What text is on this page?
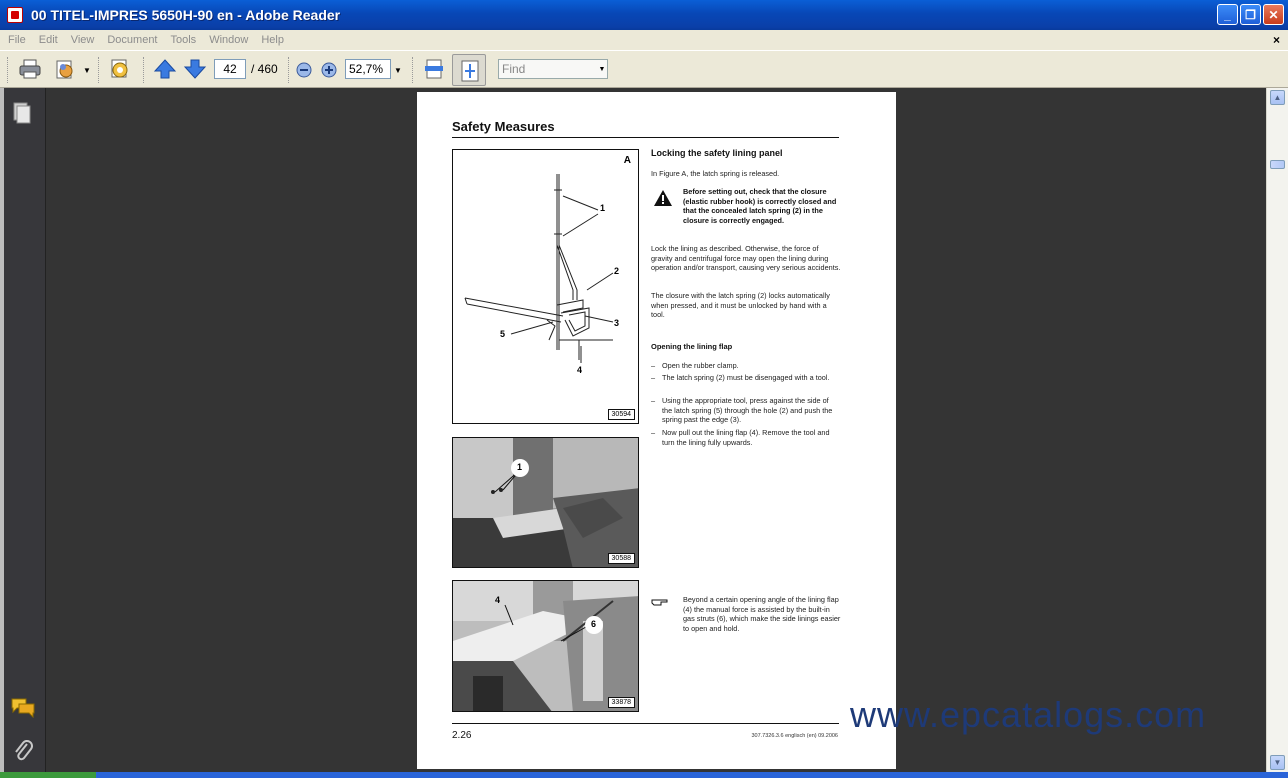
00 TITEL-IMPRES 5650H-90 en - Adobe Reader	_	❐	✕
File	Edit	View	Document	Tools	Window	Help	×
▼	42	/ 460	52,7%	▼	Find	▼
Safety Measures
A
1
2
3
4
5
30594
1
30588
4
6
33878
Locking the safety lining panel
In Figure A, the latch spring is released.
Before setting out, check that the closure (elastic rubber hook) is correctly closed and that the concealed latch spring (2) in the closure is correctly engaged.
Lock the lining as described. Otherwise, the force of gravity and centrifugal force may open the lining during operation and/or transport, causing very serious accidents.
The closure with the latch spring (2) locks automatically when pressed, and it must be unlocked by hand with a tool.
Opening the lining flap
– Open the rubber clamp.
– The latch spring (2) must be disengaged with a tool.
– Using the appropriate tool, press against the side of the latch spring (5) through the hole (2) and push the spring past the edge (3).
– Now pull out the lining flap (4). Remove the tool and turn the lining fully upwards.
Beyond a certain opening angle of the lining flap (4) the manual force is assisted by the built-in gas struts (6), which make the side linings easier to open and hold.
2.26	307.7326.3.6 englisch (en) 09.2006
www.epcatalogs.com
▲
▼
